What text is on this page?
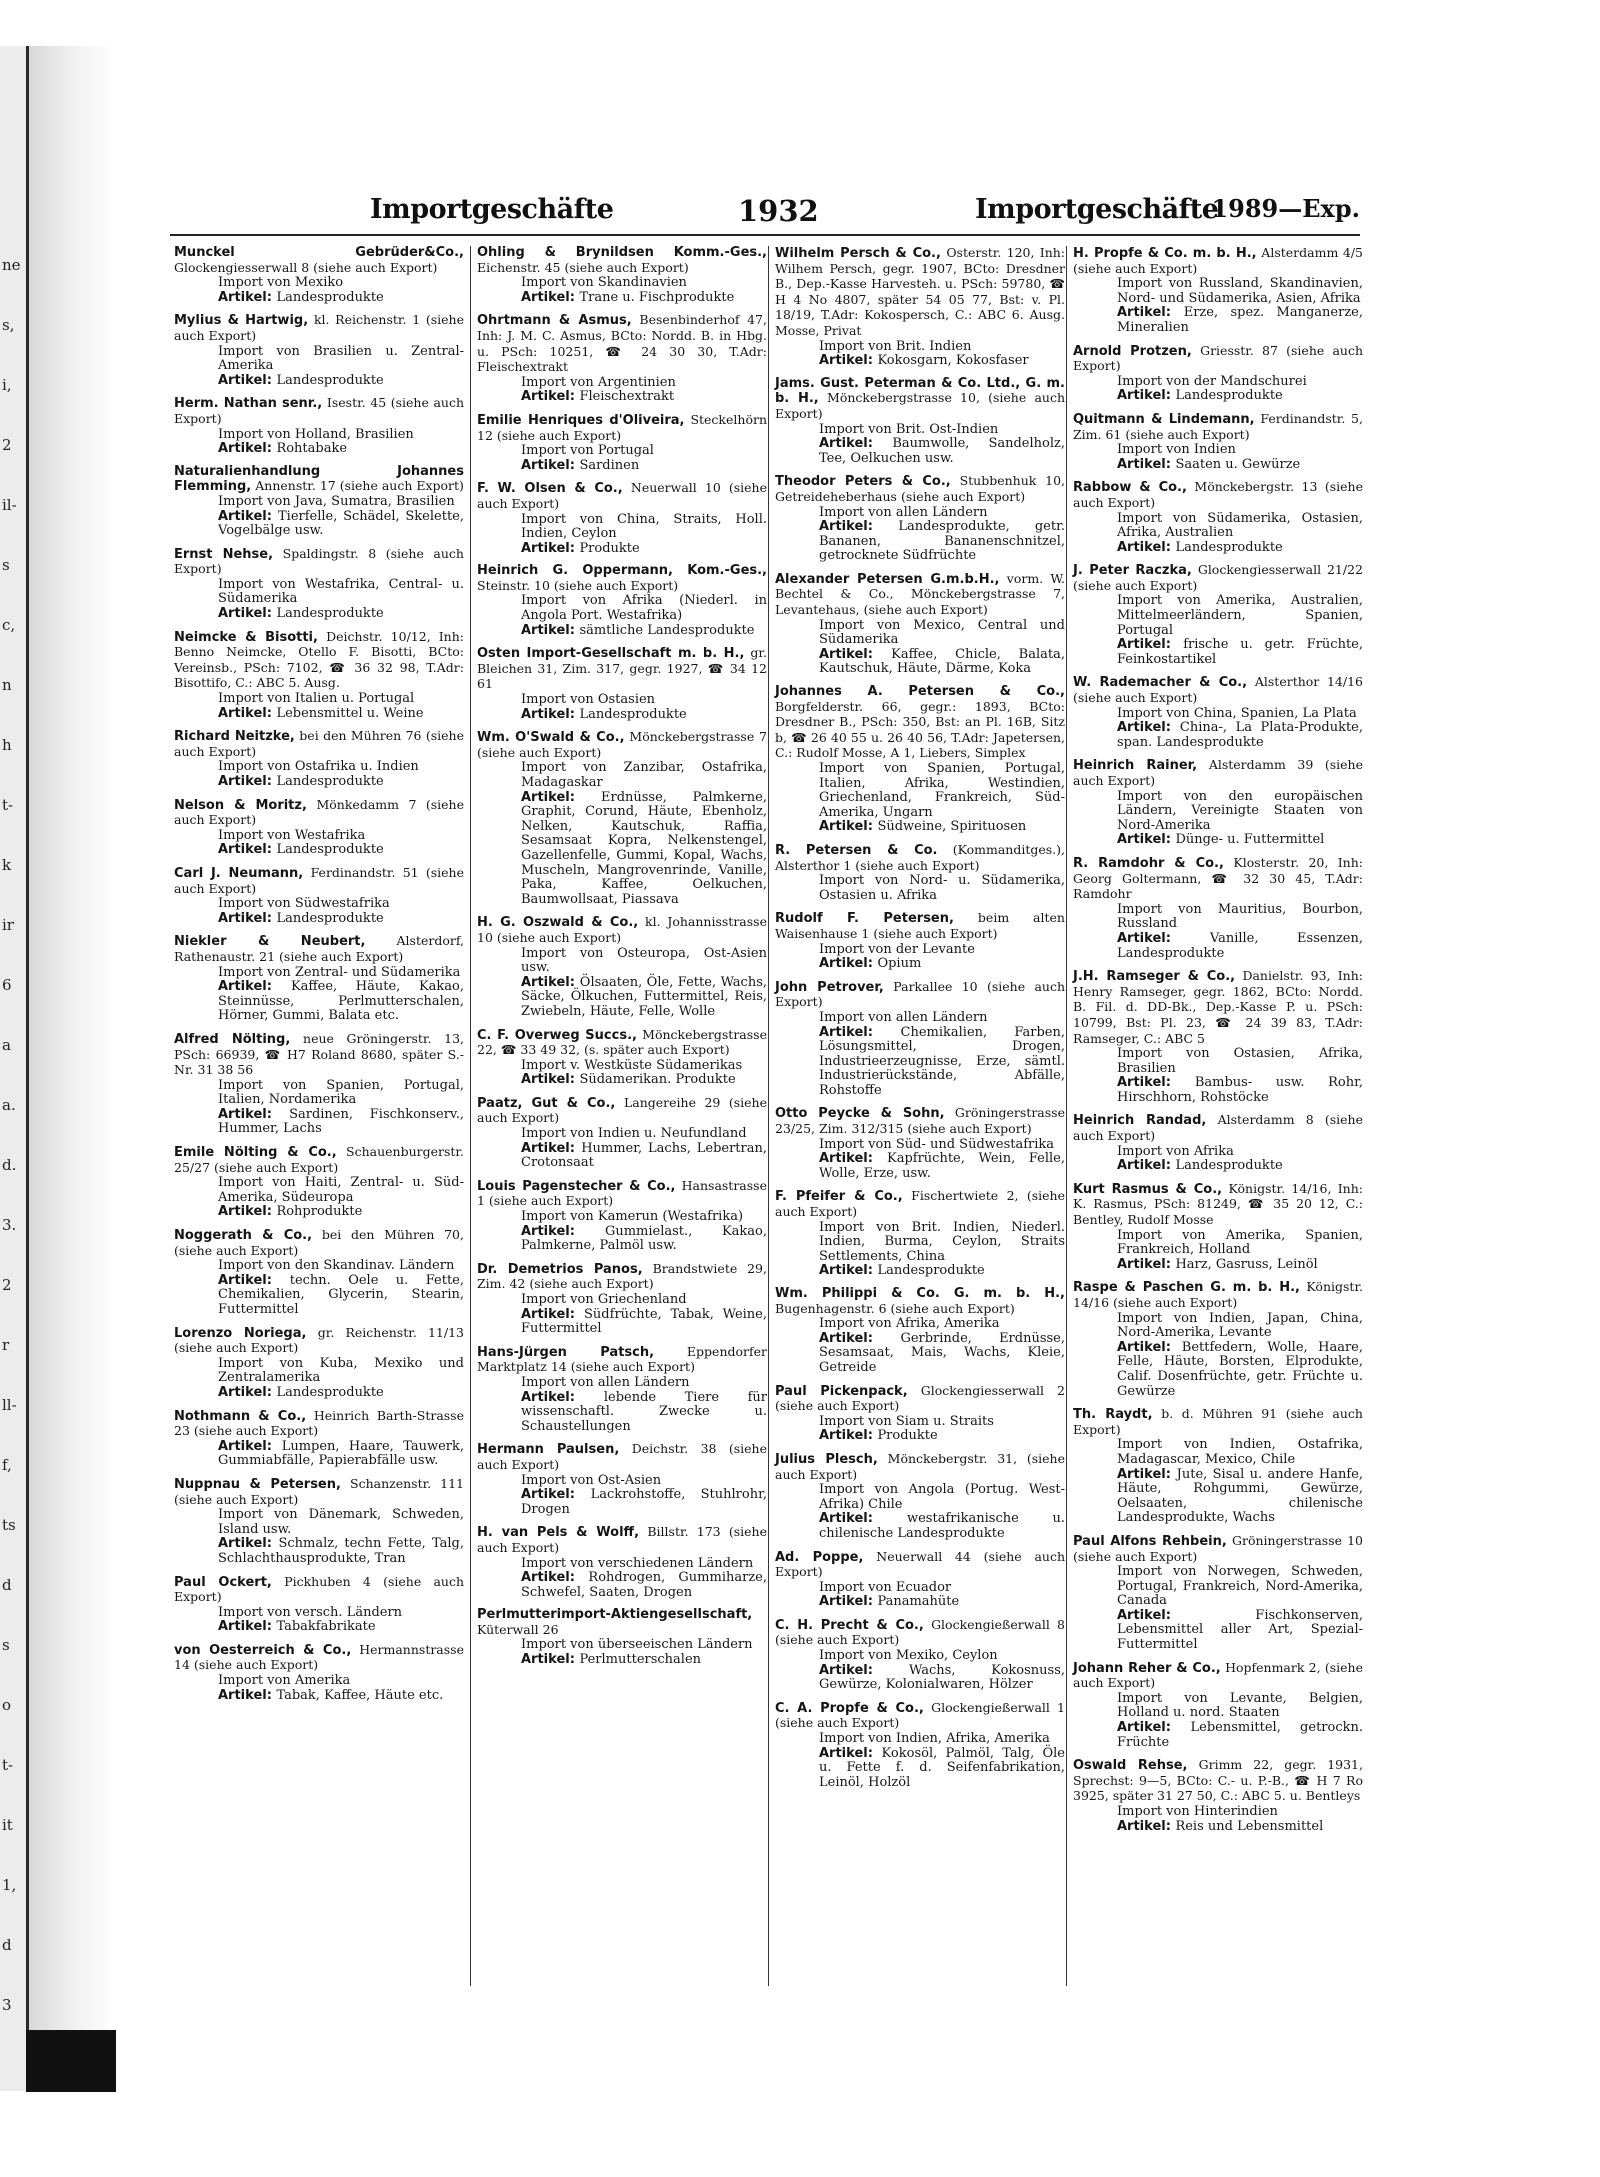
ne
s,
i,
2
il-
s
c,
n
h
t-
k
ir
6
a
a.
d.
3.
2
r
ll-
f,
ts
d
s
o
t-
it
1,
d
3
Importgeschäfte	1932	Importgeschäfte
1989—Exp.
Munckel Gebrüder&Co., Glockengiesserwall 8 (siehe auch Export)
Import von Mexiko
Artikel: Landesprodukte
Mylius & Hartwig, kl. Reichenstr. 1 (siehe auch Export)
Import von Brasilien u. Zentral-Amerika
Artikel: Landesprodukte
Herm. Nathan senr., Isestr. 45 (siehe auch Export)
Import von Holland, Brasilien
Artikel: Rohtabake
Naturalienhandlung Johannes Flemming, Annenstr. 17 (siehe auch Export)
Import von Java, Sumatra, Brasilien
Artikel: Tierfelle, Schädel, Skelette, Vogelbälge usw.
Ernst Nehse, Spaldingstr. 8 (siehe auch Export)
Import von Westafrika, Central- u. Südamerika
Artikel: Landesprodukte
Neimcke & Bisotti, Deichstr. 10/12, Inh: Benno Neimcke, Otello F. Bisotti, BCto: Vereinsb., PSch: 7102, ☎ 36 32 98, T.Adr: Bisottifo, C.: ABC 5. Ausg.
Import von Italien u. Portugal
Artikel: Lebensmittel u. Weine
Richard Neitzke, bei den Mühren 76 (siehe auch Export)
Import von Ostafrika u. Indien
Artikel: Landesprodukte
Nelson & Moritz, Mönkedamm 7 (siehe auch Export)
Import von Westafrika
Artikel: Landesprodukte
Carl J. Neumann, Ferdinandstr. 51 (siehe auch Export)
Import von Südwestafrika
Artikel: Landesprodukte
Niekler & Neubert, Alsterdorf, Rathenaustr. 21 (siehe auch Export)
Import von Zentral- und Südamerika
Artikel: Kaffee, Häute, Kakao, Steinnüsse, Perlmutterschalen, Hörner, Gummi, Balata etc.
Alfred Nölting, neue Gröningerstr. 13, PSch: 66939, ☎ H7 Roland 8680, später S.-Nr. 31 38 56
Import von Spanien, Portugal, Italien, Nordamerika
Artikel: Sardinen, Fischkonserv., Hummer, Lachs
Emile Nölting & Co., Schauenburgerstr. 25/27 (siehe auch Export)
Import von Haiti, Zentral- u. Süd-Amerika, Südeuropa
Artikel: Rohprodukte
Noggerath & Co., bei den Mühren 70, (siehe auch Export)
Import von den Skandinav. Ländern
Artikel: techn. Oele u. Fette, Chemikalien, Glycerin, Stearin, Futtermittel
Lorenzo Noriega, gr. Reichenstr. 11/13 (siehe auch Export)
Import von Kuba, Mexiko und Zentralamerika
Artikel: Landesprodukte
Nothmann & Co., Heinrich Barth-Strasse 23 (siehe auch Export)
Artikel: Lumpen, Haare, Tauwerk, Gummiabfälle, Papierabfälle usw.
Nuppnau & Petersen, Schanzenstr. 111 (siehe auch Export)
Import von Dänemark, Schweden, Island usw.
Artikel: Schmalz, techn Fette, Talg, Schlachthausprodukte, Tran
Paul Ockert, Pickhuben 4 (siehe auch Export)
Import von versch. Ländern
Artikel: Tabakfabrikate
von Oesterreich & Co., Hermannstrasse 14 (siehe auch Export)
Import von Amerika
Artikel: Tabak, Kaffee, Häute etc.
Ohling & Brynildsen Komm.-Ges., Eichenstr. 45 (siehe auch Export)
Import von Skandinavien
Artikel: Trane u. Fischprodukte
Ohrtmann & Asmus, Besenbinderhof 47, Inh: J. M. C. Asmus, BCto: Nordd. B. in Hbg. u. PSch: 10251, ☎ 24 30 30, T.Adr: Fleischextrakt
Import von Argentinien
Artikel: Fleischextrakt
Emilie Henriques d'Oliveira, Steckelhörn 12 (siehe auch Export)
Import von Portugal
Artikel: Sardinen
F. W. Olsen & Co., Neuerwall 10 (siehe auch Export)
Import von China, Straits, Holl. Indien, Ceylon
Artikel: Produkte
Heinrich G. Oppermann, Kom.-Ges., Steinstr. 10 (siehe auch Export)
Import von Afrika (Niederl. in Angola Port. Westafrika)
Artikel: sämtliche Landesprodukte
Osten Import-Gesellschaft m. b. H., gr. Bleichen 31, Zim. 317, gegr. 1927, ☎ 34 12 61
Import von Ostasien
Artikel: Landesprodukte
Wm. O'Swald & Co., Mönckebergstrasse 7 (siehe auch Export)
Import von Zanzibar, Ostafrika, Madagaskar
Artikel: Erdnüsse, Palmkerne, Graphit, Corund, Häute, Ebenholz, Nelken, Kautschuk, Raffia, Sesamsaat Kopra, Nelkenstengel, Gazellenfelle, Gummi, Kopal, Wachs, Muscheln, Mangrovenrinde, Vanille, Paka, Kaffee, Oelkuchen, Baumwollsaat, Piassava
H. G. Oszwald & Co., kl. Johannisstrasse 10 (siehe auch Export)
Import von Osteuropa, Ost-Asien usw.
Artikel: Ölsaaten, Öle, Fette, Wachs, Säcke, Ölkuchen, Futtermittel, Reis, Zwiebeln, Häute, Felle, Wolle
C. F. Overweg Succs., Mönckebergstrasse 22, ☎ 33 49 32, (s. später auch Export)
Import v. Westküste Südamerikas
Artikel: Südamerikan. Produkte
Paatz, Gut & Co., Langereihe 29 (siehe auch Export)
Import von Indien u. Neufundland
Artikel: Hummer, Lachs, Lebertran, Crotonsaat
Louis Pagenstecher & Co., Hansastrasse 1 (siehe auch Export)
Import von Kamerun (Westafrika)
Artikel: Gummielast., Kakao, Palmkerne, Palmöl usw.
Dr. Demetrios Panos, Brandstwiete 29, Zim. 42 (siehe auch Export)
Import von Griechenland
Artikel: Südfrüchte, Tabak, Weine, Futtermittel
Hans-Jürgen Patsch,	Eppendorfer Marktplatz 14 (siehe auch Export)
Import von allen Ländern
Artikel: lebende Tiere für wissenschaftl. Zwecke u. Schaustellungen
Hermann Paulsen, Deichstr. 38 (siehe auch Export)
Import von Ost-Asien
Artikel: Lackrohstoffe, Stuhlrohr, Drogen
H. van Pels & Wolff, Billstr. 173 (siehe auch Export)
Import von verschiedenen Ländern
Artikel: Rohdrogen, Gummiharze, Schwefel, Saaten, Drogen
Perlmutterimport-Aktiengesellschaft, Küterwall 26
Import von überseeischen Ländern
Artikel: Perlmutterschalen
Wilhelm Persch & Co., Osterstr. 120, Inh: Wilhem Persch, gegr. 1907, BCto: Dresdner B., Dep.-Kasse Harvesteh. u. PSch: 59780, ☎ H 4 No 4807, später 54 05 77, Bst: v. Pl. 18/19, T.Adr: Kokospersch, C.: ABC 6. Ausg. Mosse, Privat
Import von Brit. Indien
Artikel: Kokosgarn, Kokosfaser
Jams. Gust. Peterman & Co. Ltd., G. m. b. H., Mönckebergstrasse 10, (siehe auch Export)
Import von Brit. Ost-Indien
Artikel: Baumwolle, Sandelholz, Tee, Oelkuchen usw.
Theodor Peters & Co., Stubbenhuk 10, Getreideheberhaus (siehe auch Export)
Import von allen Ländern
Artikel: Landesprodukte, getr. Bananen, Bananenschnitzel, getrocknete Südfrüchte
Alexander Petersen G.m.b.H., vorm. W. Bechtel & Co., Mönckebergstrasse 7, Levantehaus, (siehe auch Export)
Import von Mexico, Central und Südamerika
Artikel: Kaffee, Chicle, Balata, Kautschuk, Häute, Därme, Koka
Johannes A. Petersen & Co., Borgfelderstr. 66, gegr.: 1893, BCto: Dresdner B., PSch: 350, Bst: an Pl. 16B, Sitz b, ☎ 26 40 55 u. 26 40 56, T.Adr: Japetersen, C.: Rudolf Mosse, A 1, Liebers, Simplex
Import von Spanien, Portugal, Italien, Afrika, Westindien, Griechenland, Frankreich, Süd-Amerika, Ungarn
Artikel: Südweine, Spirituosen
R. Petersen & Co. (Kommanditges.), Alsterthor 1 (siehe auch Export)
Import von Nord- u. Südamerika, Ostasien u. Afrika
Rudolf F. Petersen, beim alten Waisenhause 1 (siehe auch Export)
Import von der Levante
Artikel: Opium
John Petrover, Parkallee 10 (siehe auch Export)
Import von allen Ländern
Artikel: Chemikalien, Farben, Lösungsmittel, Drogen, Industrieerzeugnisse, Erze, sämtl. Industrierückstände, Abfälle, Rohstoffe
Otto Peycke & Sohn, Gröningerstrasse 23/25, Zim. 312/315 (siehe auch Export)
Import von Süd- und Südwestafrika
Artikel: Kapfrüchte, Wein, Felle, Wolle, Erze, usw.
F. Pfeifer & Co., Fischertwiete 2, (siehe auch Export)
Import von Brit. Indien, Niederl. Indien, Burma, Ceylon, Straits Settlements, China
Artikel: Landesprodukte
Wm. Philippi & Co. G. m. b. H., Bugenhagenstr. 6 (siehe auch Export)
Import von Afrika, Amerika
Artikel: Gerbrinde, Erdnüsse, Sesamsaat, Mais, Wachs, Kleie, Getreide
Paul Pickenpack, Glockengiesserwall 2 (siehe auch Export)
Import von Siam u. Straits
Artikel: Produkte
Julius Plesch, Mönckebergstr. 31, (siehe auch Export)
Import von Angola (Portug. West-Afrika) Chile
Artikel: westafrikanische u. chilenische Landesprodukte
Ad. Poppe, Neuerwall 44 (siehe auch Export)
Import von Ecuador
Artikel: Panamahüte
C. H. Precht & Co., Glockengießerwall 8 (siehe auch Export)
Import von Mexiko, Ceylon
Artikel: Wachs, Kokosnuss, Gewürze, Kolonialwaren, Hölzer
C. A. Propfe & Co., Glockengießerwall 1 (siehe auch Export)
Import von Indien, Afrika, Amerika
Artikel: Kokosöl, Palmöl, Talg, Öle u. Fette f. d. Seifenfabrikation, Leinöl, Holzöl
H. Propfe & Co. m. b. H., Alsterdamm 4/5 (siehe auch Export)
Import von Russland, Skandinavien, Nord- und Südamerika, Asien, Afrika
Artikel: Erze, spez. Manganerze, Mineralien
Arnold Protzen, Griesstr. 87 (siehe auch Export)
Import von der Mandschurei
Artikel: Landesprodukte
Quitmann & Lindemann, Ferdinandstr. 5, Zim. 61 (siehe auch Export)
Import von Indien
Artikel: Saaten u. Gewürze
Rabbow & Co., Mönckebergstr. 13 (siehe auch Export)
Import von Südamerika, Ostasien, Afrika, Australien
Artikel: Landesprodukte
J. Peter Raczka, Glockengiesserwall 21/22 (siehe auch Export)
Import von Amerika, Australien, Mittelmeerländern, Spanien, Portugal
Artikel: frische u. getr. Früchte, Feinkostartikel
W. Rademacher & Co., Alsterthor 14/16 (siehe auch Export)
Import von China, Spanien, La Plata
Artikel: China-, La Plata-Produkte, span. Landesprodukte
Heinrich Rainer, Alsterdamm 39 (siehe auch Export)
Import von den europäischen Ländern, Vereinigte Staaten von Nord-Amerika
Artikel: Dünge- u. Futtermittel
R. Ramdohr & Co., Klosterstr. 20, Inh: Georg Goltermann, ☎ 32 30 45, T.Adr: Ramdohr
Import von Mauritius, Bourbon, Russland
Artikel: Vanille, Essenzen, Landesprodukte
J.H. Ramseger & Co., Danielstr. 93, Inh: Henry Ramseger, gegr. 1862, BCto: Nordd. B. Fil. d. DD-Bk., Dep.-Kasse P. u. PSch: 10799, Bst: Pl. 23, ☎ 24 39 83, T.Adr: Ramseger, C.: ABC 5
Import von Ostasien, Afrika, Brasilien
Artikel: Bambus- usw. Rohr, Hirschhorn, Rohstöcke
Heinrich Randad, Alsterdamm 8 (siehe auch Export)
Import von Afrika
Artikel: Landesprodukte
Kurt Rasmus & Co., Königstr. 14/16, Inh: K. Rasmus, PSch: 81249, ☎ 35 20 12, C.: Bentley, Rudolf Mosse
Import von Amerika, Spanien, Frankreich, Holland
Artikel: Harz, Gasruss, Leinöl
Raspe & Paschen G. m. b. H., Königstr. 14/16 (siehe auch Export)
Import von Indien, Japan, China, Nord-Amerika, Levante
Artikel: Bettfedern, Wolle, Haare, Felle, Häute, Borsten, Elprodukte, Calif. Dosenfrüchte, getr. Früchte u. Gewürze
Th. Raydt, b. d. Mühren 91 (siehe auch Export)
Import von Indien, Ostafrika, Madagascar, Mexico, Chile
Artikel: Jute, Sisal u. andere Hanfe, Häute, Rohgummi, Gewürze, Oelsaaten, chilenische Landesprodukte, Wachs
Paul Alfons Rehbein, Gröningerstrasse 10 (siehe auch Export)
Import von Norwegen, Schweden, Portugal, Frankreich, Nord-Amerika, Canada
Artikel: Fischkonserven, Lebensmittel aller Art, Spezial-Futtermittel
Johann Reher & Co., Hopfenmark 2, (siehe auch Export)
Import von Levante, Belgien, Holland u. nord. Staaten
Artikel: Lebensmittel, getrockn. Früchte
Oswald Rehse, Grimm 22, gegr. 1931, Sprechst: 9—5, BCto: C.- u. P.-B., ☎ H 7 Ro 3925, später 31 27 50, C.: ABC 5. u. Bentleys
Import von Hinterindien
Artikel: Reis und Lebensmittel
